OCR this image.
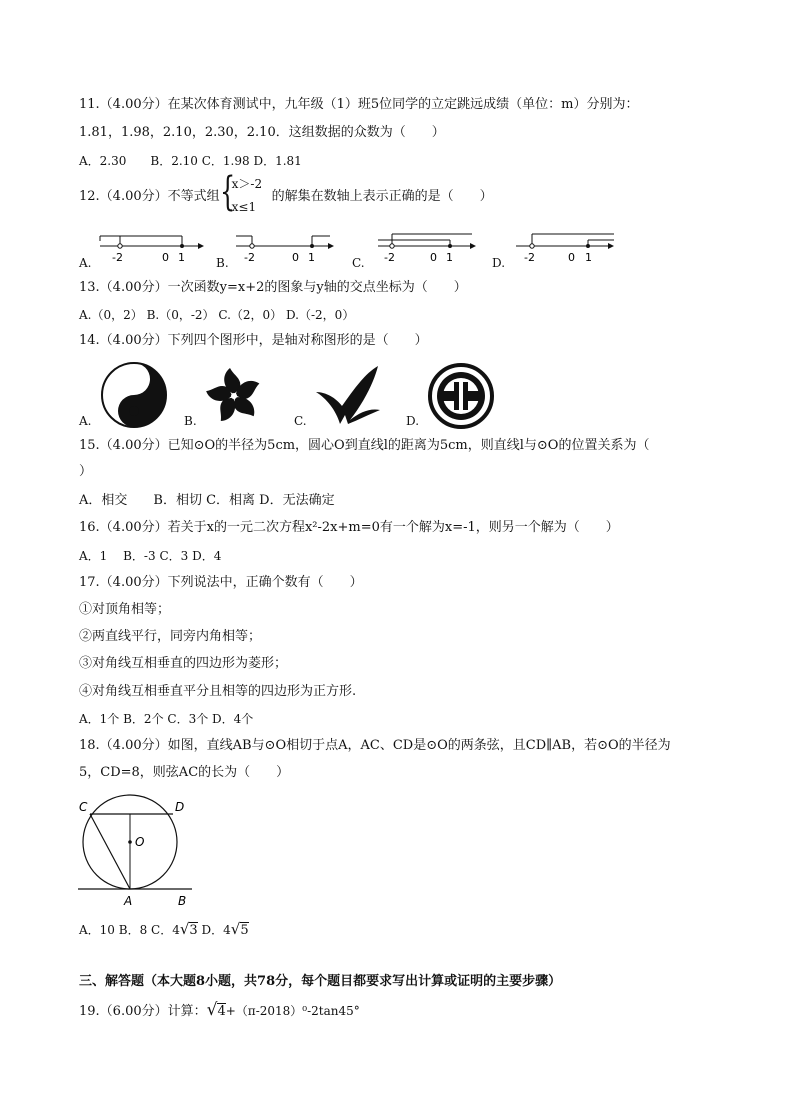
11.（4.00分）在某次体育测试中，九年级（1）班5位同学的立定跳远成绩（单位：m）分别为：
1.81，1.98，2.10，2.30，2.10．这组数据的众数为（　　）
A．2.30　　B．2.10 C．1.98 D．1.81
12.（4.00分）不等式组 {
x＞-2
x≤1
的解集在数轴上表示正确的是（　　）
A. -2	0 1	B. -2	0 1	C. -2	0 1	D. -2	0 1
13.（4.00分）一次函数y=x+2的图象与y轴的交点坐标为（　　）
A.（0，2） B.（0，-2） C.（2，0） D.（-2，0）
14.（4.00分）下列四个图形中，是轴对称图形的是（　　）
A.	B.	C.	D.
15.（4.00分）已知⊙O的半径为5cm，圆心O到直线l的距离为5cm，则直线l与⊙O的位置关系为（
）
A．相交　　B．相切 C．相离 D．无法确定
16.（4.00分）若关于x的一元二次方程x²-2x+m=0有一个解为x=-1，则另一个解为（　　）
A．1　 B．-3 C．3 D．4
17.（4.00分）下列说法中，正确个数有（　　）
①对顶角相等；
②两直线平行，同旁内角相等；
③对角线互相垂直的四边形为菱形；
④对角线互相垂直平分且相等的四边形为正方形.
A．1个 B．2个 C．3个 D．4个
18.（4.00分）如图，直线AB与⊙O相切于点A，AC、CD是⊙O的两条弦，且CD∥AB，若⊙O的半径为
5，CD=8，则弦AC的长为（　　）
C	D
O
A	B
A．10 B．8 C．4√3 D．4√5
三、解答题（本大题8小题，共78分，每个题目都要求写出计算或证明的主要步骤）
19.（6.00分）计算：√4+（π-2018）⁰-2tan45°
